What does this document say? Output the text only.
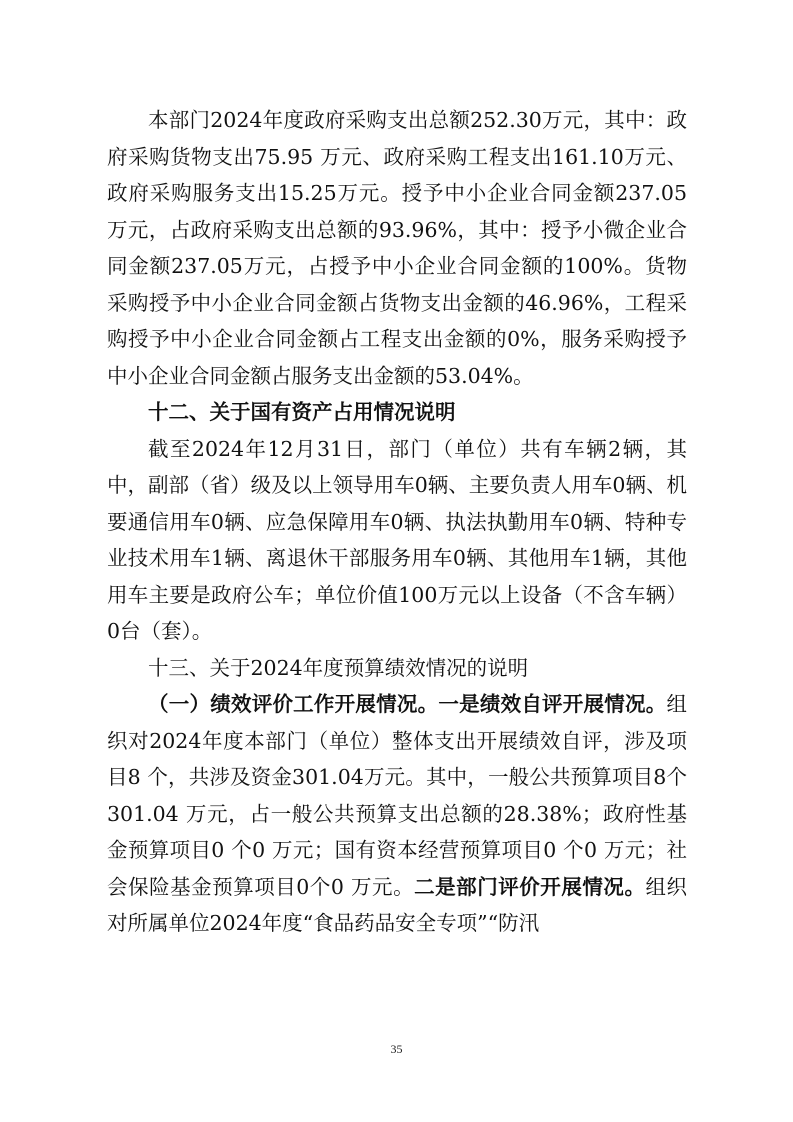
本部门2024年度政府采购支出总额252.30万元，其中：政府采购货物支出75.95 万元、政府采购工程支出161.10万元、政府采购服务支出15.25万元。授予中小企业合同金额237.05万元，占政府采购支出总额的93.96%，其中：授予小微企业合同金额237.05万元，占授予中小企业合同金额的100%。货物采购授予中小企业合同金额占货物支出金额的46.96%，工程采购授予中小企业合同金额占工程支出金额的0%，服务采购授予中小企业合同金额占服务支出金额的53.04%。

十二、关于国有资产占用情况说明

截至2024年12月31日，部门（单位）共有车辆2辆，其中，副部（省）级及以上领导用车0辆、主要负责人用车0辆、机要通信用车0辆、应急保障用车0辆、执法执勤用车0辆、特种专业技术用车1辆、离退休干部服务用车0辆、其他用车1辆，其他用车主要是政府公车；单位价值100万元以上设备（不含车辆）0台（套）。

十三、关于2024年度预算绩效情况的说明

（一）绩效评价工作开展情况。一是绩效自评开展情况。组织对2024年度本部门（单位）整体支出开展绩效自评，涉及项目8 个，共涉及资金301.04万元。其中，一般公共预算项目8个301.04 万元，占一般公共预算支出总额的28.38%；政府性基金预算项目0 个0 万元；国有资本经营预算项目0 个0 万元；社会保险基金预算项目0个0 万元。二是部门评价开展情况。组织对所属单位2024年度“食品药品安全专项”“防汛

35
